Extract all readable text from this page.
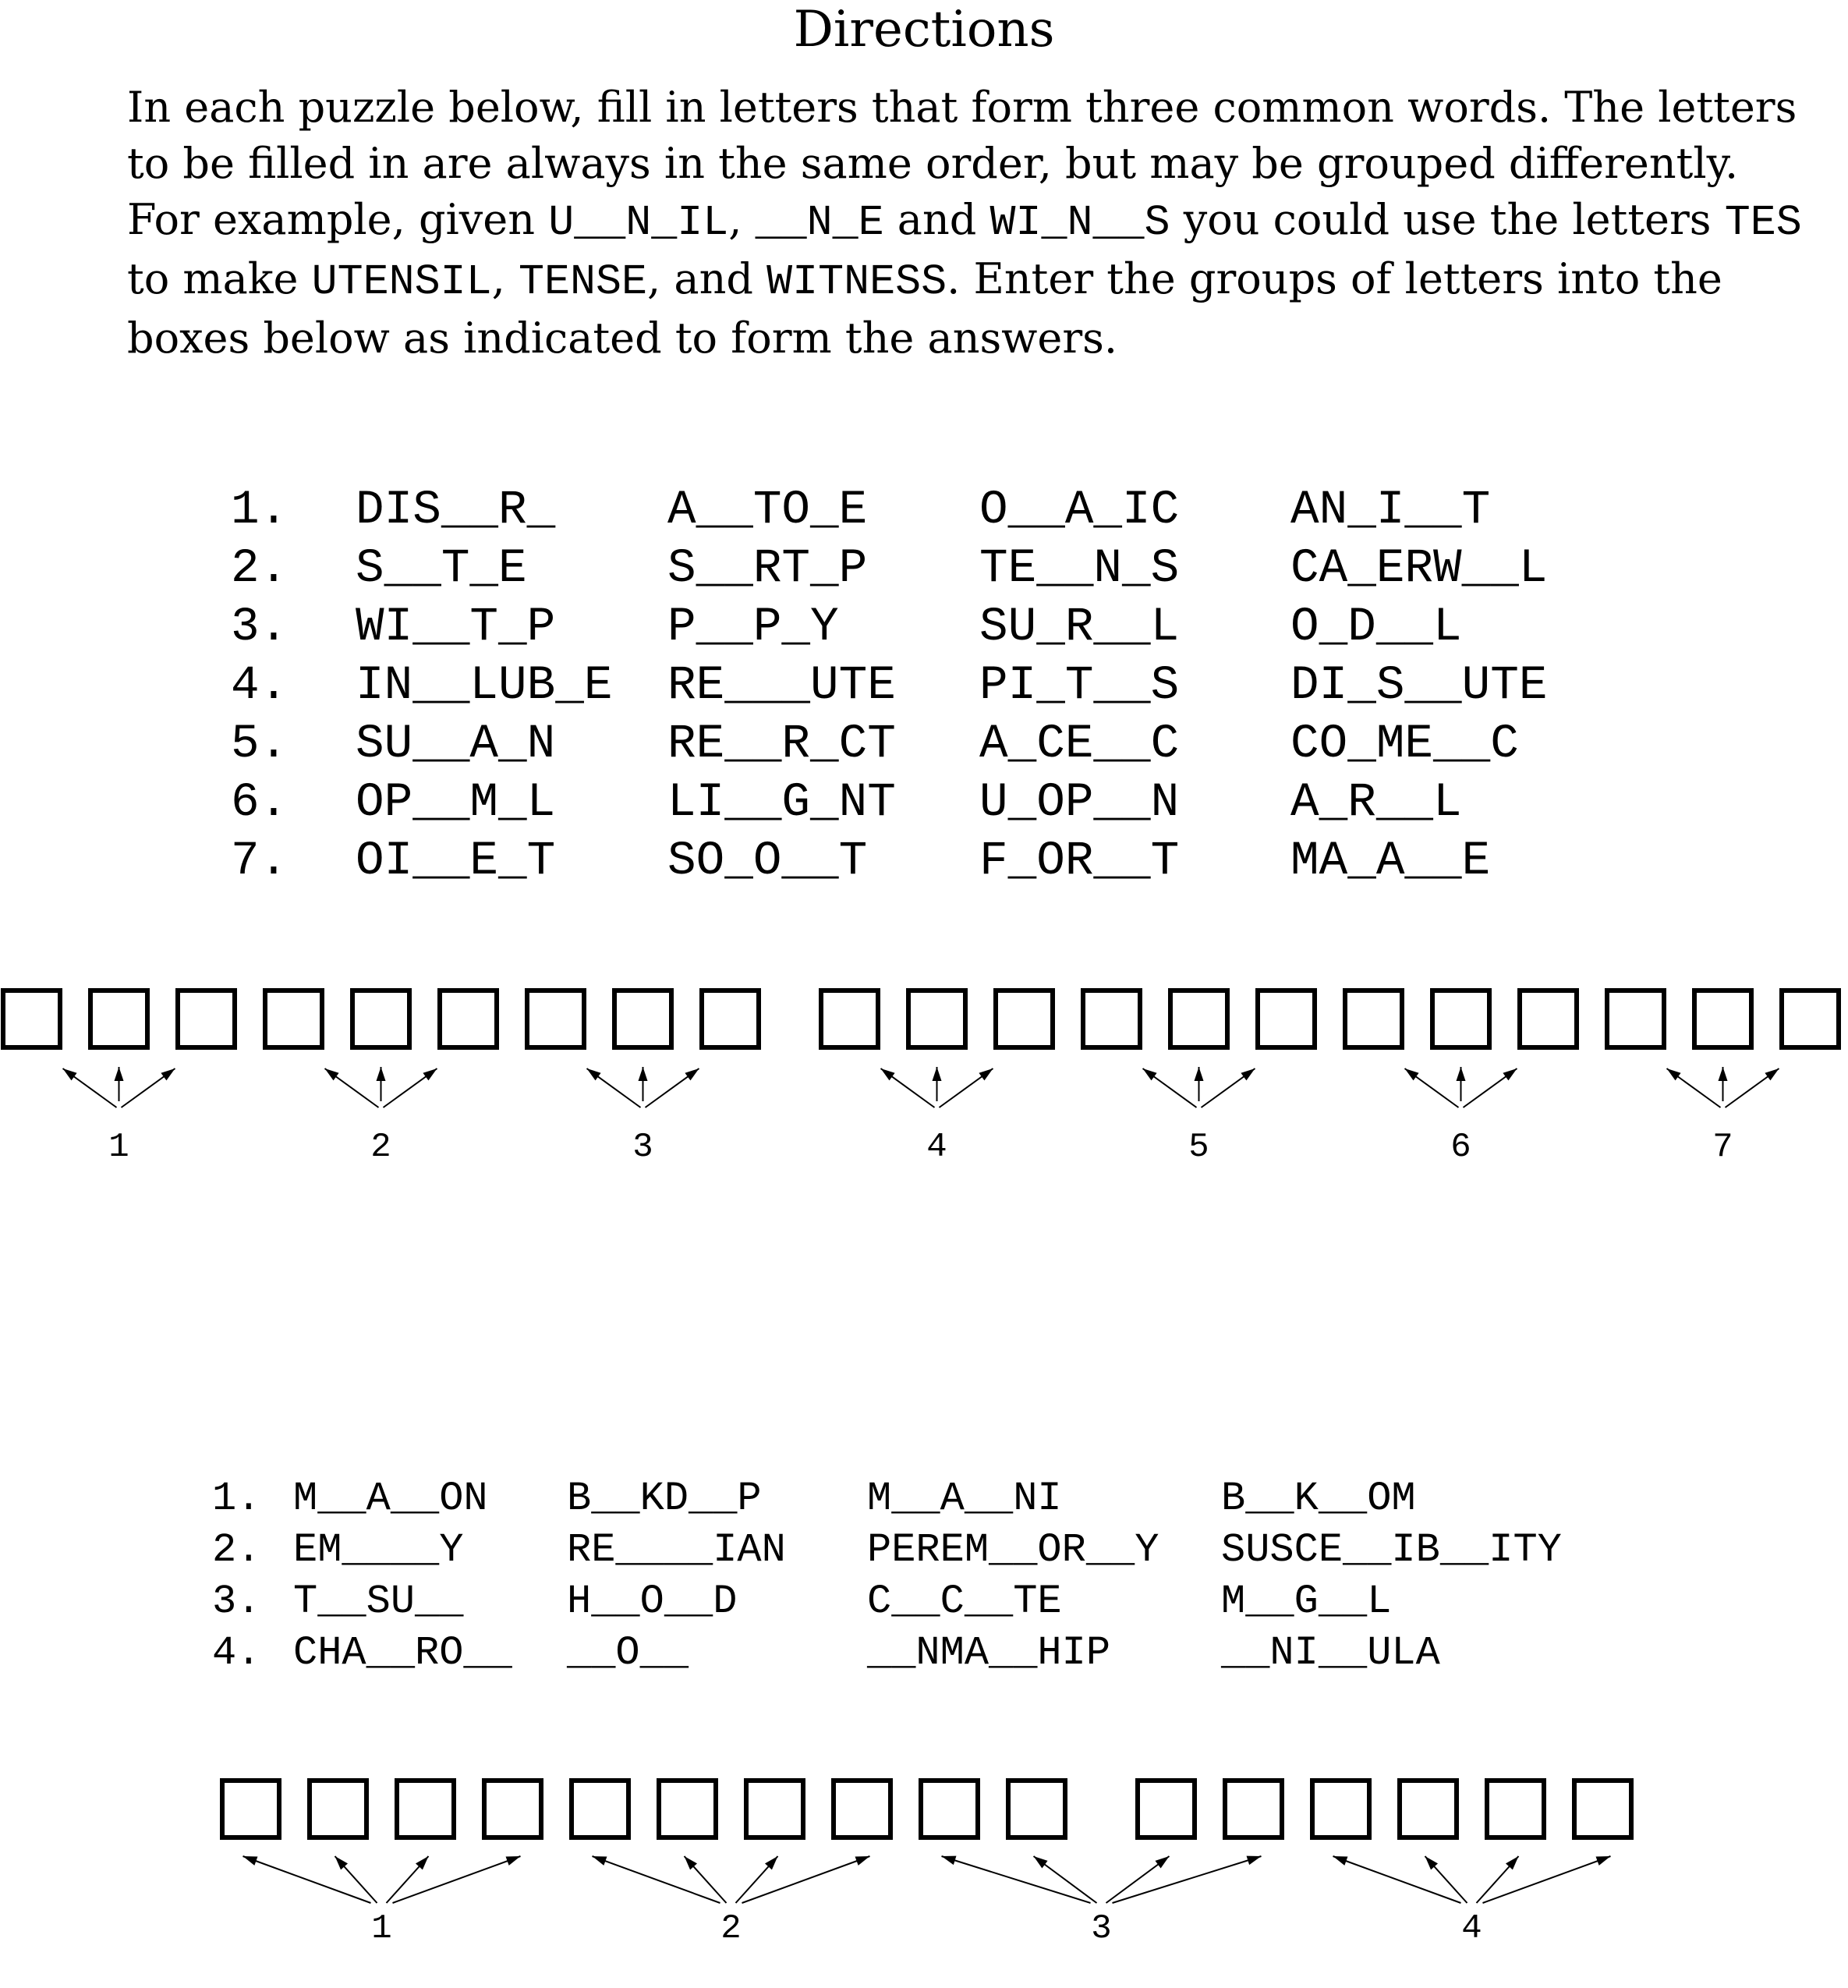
Directions
In each puzzle below, fill in letters that form three common words. The letters to be filled in are always in the same order, but may be grouped differently. For example, given U__N_IL, __N_E and WI_N__S you could use the letters TES to make UTENSIL, TENSE, and WITNESS. Enter the groups of letters into the boxes below as indicated to form the answers.

1.

DIS__R_

A__TO_E

O__A_IC

AN_I__T

2.

S__T_E

	S__RT_P

TE__N_S

CA_ERW__L

3.

WI__T_P

P__P_Y

	SU_R__L

O_D__L

4.

IN__LUB_E

RE___UTE

PI_T__S

DI_S__UTE

5.

SU__A_N

RE__R_CT

A_CE__C

CO_ME__C

6.

OP__M_L

LI__G_NT

U_OP__N

A_R__L

7.

OI__E_T

SO_O__T

F_OR__T

MA_A__E

1.

M__A__ON

B__KD__P

	M__A__NI

	B__K__OM

2.

EM____Y

	RE____IAN

PEREM__OR__Y

SUSCE__IB__ITY

3.

T__SU__

	H__O__D

	C__C__TE

	M__G__L

4.

CHA__RO__

__O__

	__NMA__HIP

	__NI__ULA

1	2	3	4	5	6	7
1	2	3	4
